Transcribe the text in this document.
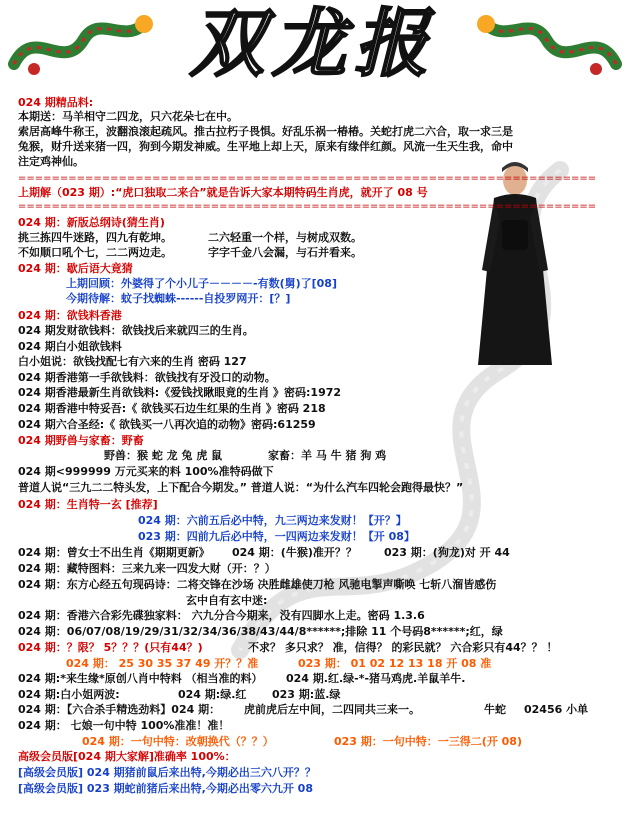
双龙报
024 期精品料:
本期送：马羊相守二四龙，只六花朵七在中。
索居高峰牛称王，波翻浪滚起疏风。推古拉朽子畏惧。好乱乐祸一椿椿。关蛇打虎二六合，取一求三是
兔猴，财升送来猪一四，狗到今期发神威。生平地上却上天，原来有缘伴红颜。风流一生天生我，命中
注定鸡神仙。
=====================================================================
上期解（023 期）:“虎口独取二来合”就是告诉大家本期特码生肖虎，就开了 08 号
=====================================================================
024 期：新版总纲诗(猜生肖)
挑三拣四牛迷路，四九有乾坤。	二六轻重一个样，与树成双数。
不如顺口吼个七，二二两边走。	字字千金八会漏，与石并看来。
024 期：歇后语大竟猜
上期回顾：外婆得了个小儿子－－－－-有数(舅)了[08]
今期待解：蚊子找蜘蛛------自投罗网开：[？]
024 期：欲钱料香港
024 期发财欲钱料：欲钱找后来就四三的生肖。
024 期白小姐欲钱料
白小姐说：欲钱找配七有六来的生肖 密码 127
024 期香港第一手欲钱料：欲钱找有牙没口的动物。
024 期香港最新生肖欲钱料:《爱钱找瞅眼竟的生肖 》密码:1972
024 期香港中特妥吾:《 欲钱买石边生红果的生肖 》密码 218
024 期六合圣经:《 欲钱买一八再次追的动物》密码:61259
024 期野兽与家畜：野畜
野兽：猴 蛇 龙 兔 虎 鼠	家畜：羊 马 牛 猪 狗 鸡
024 期<999999 万元买来的料 100%准特码做下
普道人说“三九二二特头发，上下配合今期发。” 普道人说：“为什么汽车四轮会跑得最快？”
024 期：生肖特一玄 [推荐]
024 期：六前五后必中特，九三两边来发财！【开？】
023 期：四前九后必中特，一四两边来发财！【开 08】
024 期：曾女士不出生肖《期期更新》 024 期：(牛猴)准开？？ 023 期：(狗龙)对 开 44
024 期：藏特图料：三来九来一四发大财（开：？）
024 期：东方心经五句现码诗：二将交锋在沙场 决胜雌雄使刀枪 风驰电掣声嘶唤 七斩八溜皆感伤
玄中自有玄中迷:
024 期：香港六合彩先碟独家料： 六九分合今期来，没有四脚水上走。密码 1.3.6
024 期：06/07/08/19/29/31/32/34/36/38/43/44/8******;排除 11 个号码8******;红，绿
024 期：？限？ 5？？？(只有44？)	不求？ 多只求？ 准，信得？ 的彩民就？ 六合彩只有44？？ ！
024 期： 25 30 35 37 49 开？？准	023 期： 01 02 12 13 18 开 08 准
024 期:*来生缘*原创八肖中特料 （相当准的料） 024 期.红.绿-*-猪马鸡虎.羊鼠羊牛.
024 期:白小姐两波:	024 期:绿.红 023 期:蓝.绿
024 期：【六合杀手精选劲料】024 期： 虎前虎后左中间，二四同共三来一。	牛蛇 02456 小单
024 期： 七娘一句中特 100%准准！准！
024 期：一句中特：改朝换代（？？）	023 期：一句中特：一三得二(开 08)
高级会员版[024 期大家解]准确率 100%：
[高级会员版] 024 期猪前鼠后来出特,今期必出三六八开？？
[高级会员版] 023 期蛇前猪后来出特,今期必出零六九开 08
